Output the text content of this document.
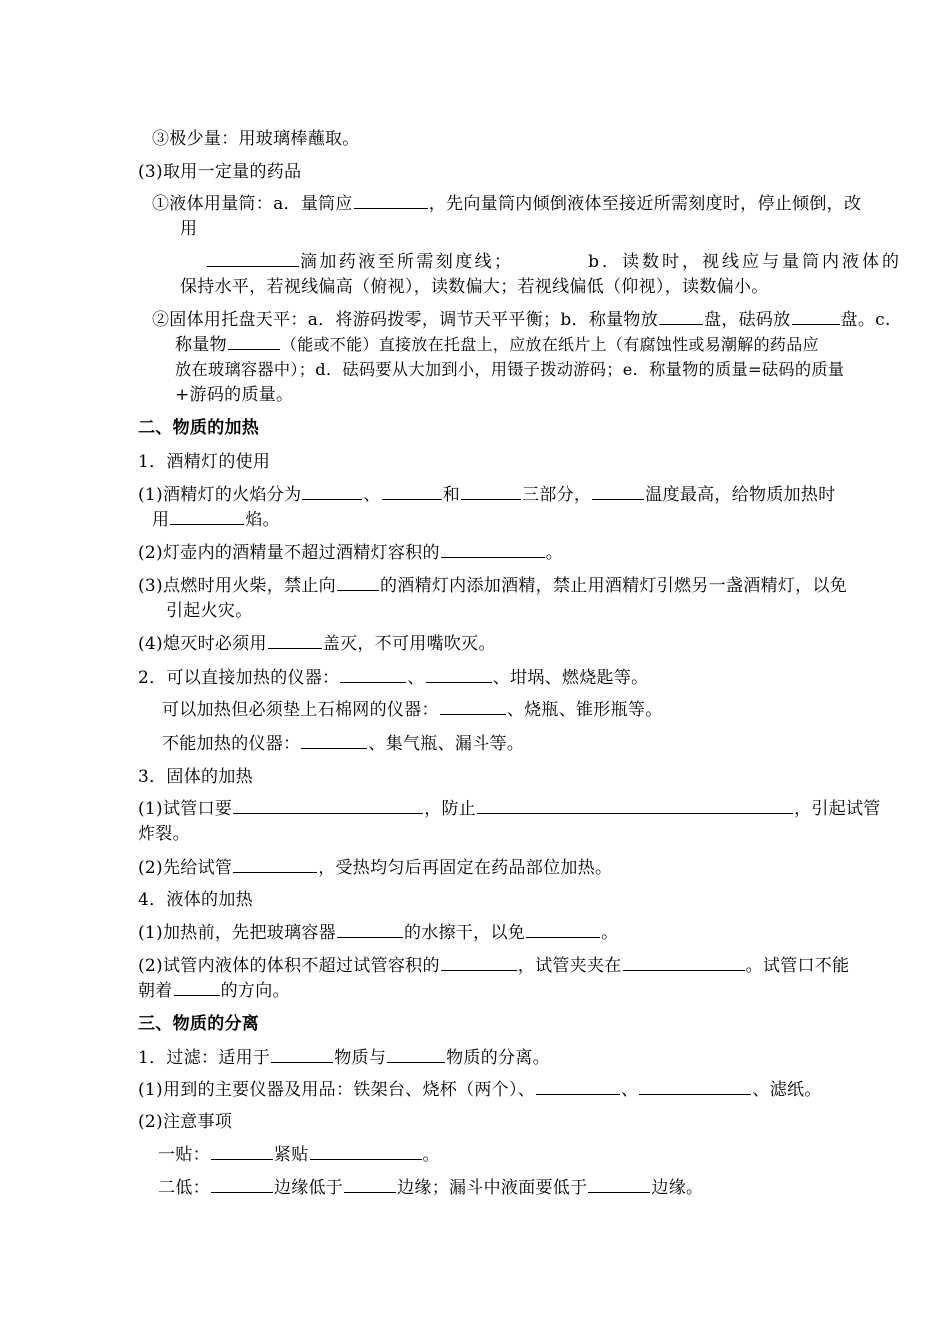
③极少量：用玻璃棒蘸取。
(3)取用一定量的药品
①液体用量筒：a．量筒应	，先向量筒内倾倒液体至接近所需刻度时，停止倾倒，改
用
滴加药液至所需刻度线；	b．读数时，视线应与量筒内液体的
保持水平，若视线偏高（俯视），读数偏大；若视线偏低（仰视），读数偏小。
②固体用托盘天平：a．将游码拨零，调节天平平衡；b．称量物放	盘，砝码放	盘。c.
称量物	（能或不能）直接放在托盘上，应放在纸片上（有腐蚀性或易潮解的药品应
放在玻璃容器中）；d．砝码要从大加到小，用镊子拨动游码；e．称量物的质量=砝码的质量
+游码的质量。
二、物质的加热
1．酒精灯的使用
(1)酒精灯的火焰分为	、	和	三部分，	温度最高，给物质加热时
用	焰。
(2)灯壶内的酒精量不超过酒精灯容积的	。
(3)点燃时用火柴，禁止向	的酒精灯内添加酒精，禁止用酒精灯引燃另一盏酒精灯，以免
引起火灾。
(4)熄灭时必须用	盖灭，不可用嘴吹灭。
2．可以直接加热的仪器：	、	、坩埚、燃烧匙等。
可以加热但必须垫上石棉网的仪器：	、烧瓶、锥形瓶等。
不能加热的仪器：	、集气瓶、漏斗等。
3．固体的加热
(1)试管口要	，防止	，引起试管
炸裂。
(2)先给试管	，受热均匀后再固定在药品部位加热。
4．液体的加热
(1)加热前，先把玻璃容器	的水擦干，以免	。
(2)试管内液体的体积不超过试管容积的	，试管夹夹在	。试管口不能
朝着	的方向。
三、物质的分离
1．过滤：适用于	物质与	物质的分离。
(1)用到的主要仪器及用品：铁架台、烧杯（两个）、	、	、滤纸。
(2)注意事项
一贴：	紧贴	。
二低：	边缘低于	边缘；漏斗中液面要低于	边缘。
